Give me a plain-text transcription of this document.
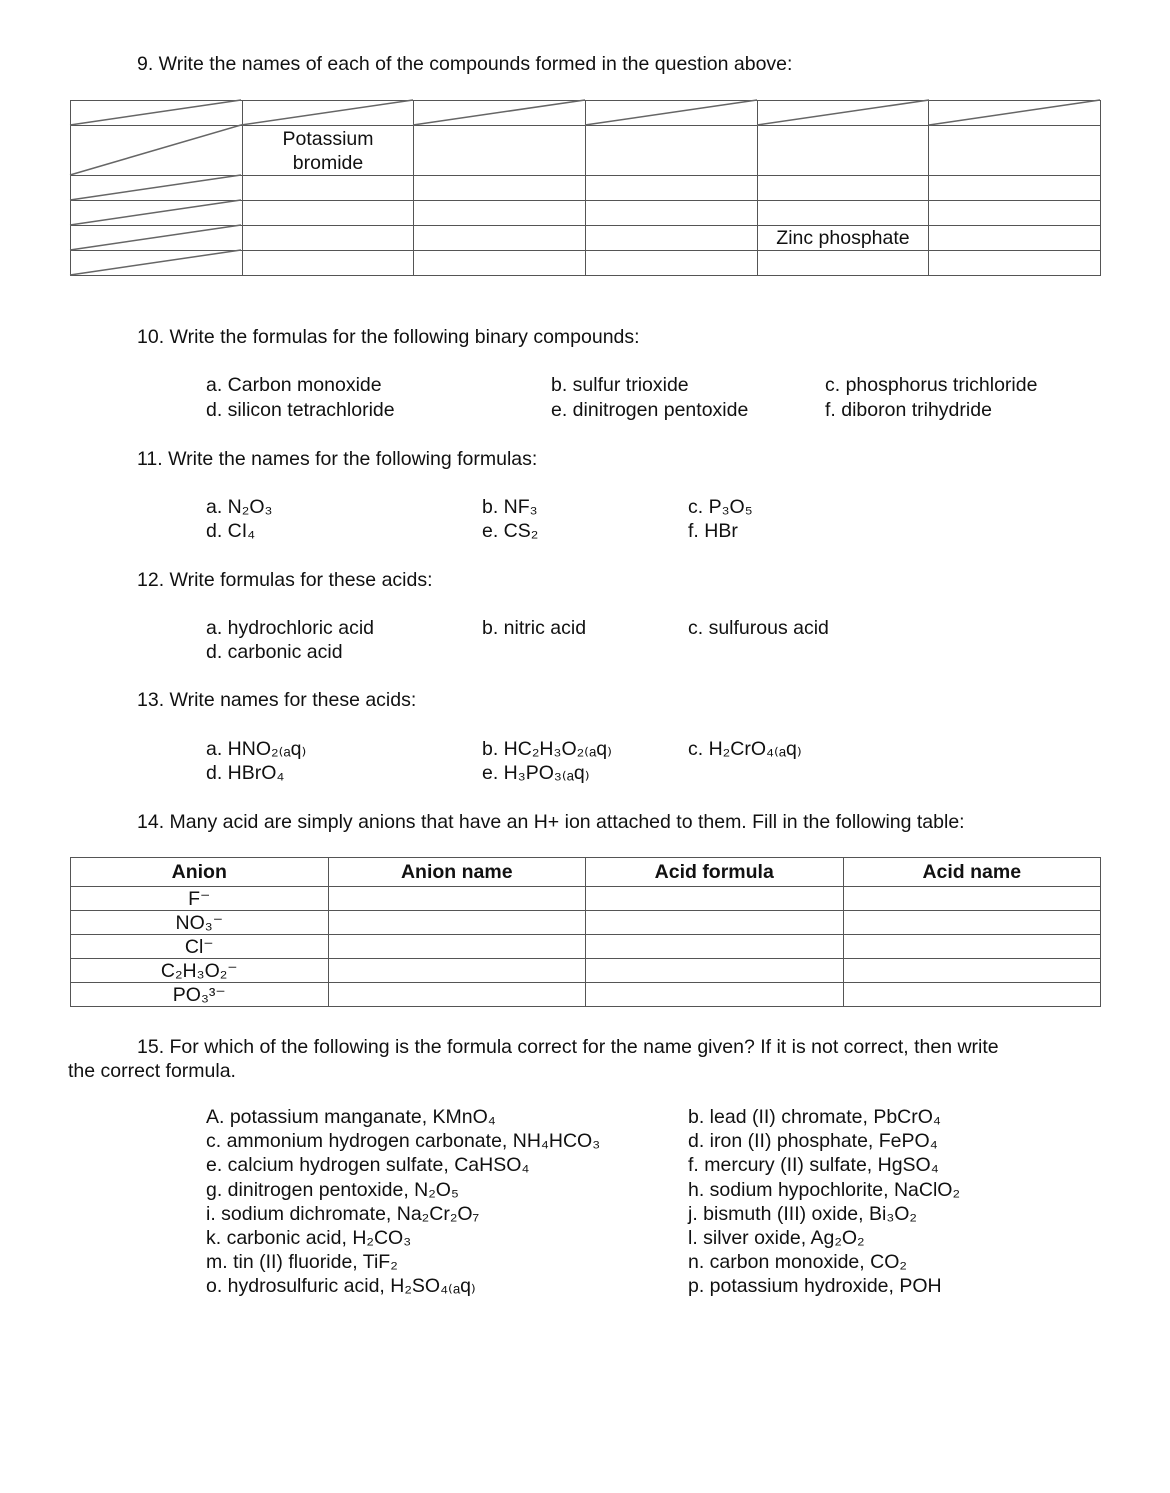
9. Write the names of each of the compounds formed in the question above:

	Potassium bromide				

				Zinc phosphate	

10. Write the formulas for the following binary compounds:
a. Carbon monoxide	b. sulfur trioxide	c. phosphorus trichloride
d. silicon tetrachloride	e. dinitrogen pentoxide	f. diboron trihydride
11. Write the names for the following formulas:
a. N₂O₃	b. NF₃	c. P₃O₅
d. CI₄	e. CS₂	f. HBr
12. Write formulas for these acids:
a. hydrochloric acid	b. nitric acid	c. sulfurous acid
d. carbonic acid
13. Write names for these acids:
a. HNO₂₍ₐq₎	b. HC₂H₃O₂₍ₐq₎	c. H₂CrO₄₍ₐq₎
d. HBrO₄	e. H₃PO₃₍ₐq₎
14. Many acid are simply anions that have an H+ ion attached to them. Fill in the following table:
Anion	Anion name	Acid formula	Acid name
F⁻			
NO₃⁻			
Cl⁻			
C₂H₃O₂⁻			
PO₃³⁻			
15. For which of the following is the formula correct for the name given? If it is not correct, then write
the correct formula.
A. potassium manganate, KMnO₄
c. ammonium hydrogen carbonate, NH₄HCO₃
e. calcium hydrogen sulfate, CaHSO₄
g. dinitrogen pentoxide, N₂O₅
i. sodium dichromate, Na₂Cr₂O₇
k. carbonic acid, H₂CO₃
m. tin (II) fluoride, TiF₂
o. hydrosulfuric acid, H₂SO₄₍ₐq₎
b. lead (II) chromate, PbCrO₄
d. iron (II) phosphate, FePO₄
f. mercury (II) sulfate, HgSO₄
h. sodium hypochlorite, NaClO₂
j. bismuth (III) oxide, Bi₃O₂
l. silver oxide, Ag₂O₂
n. carbon monoxide, CO₂
p. potassium hydroxide, POH
